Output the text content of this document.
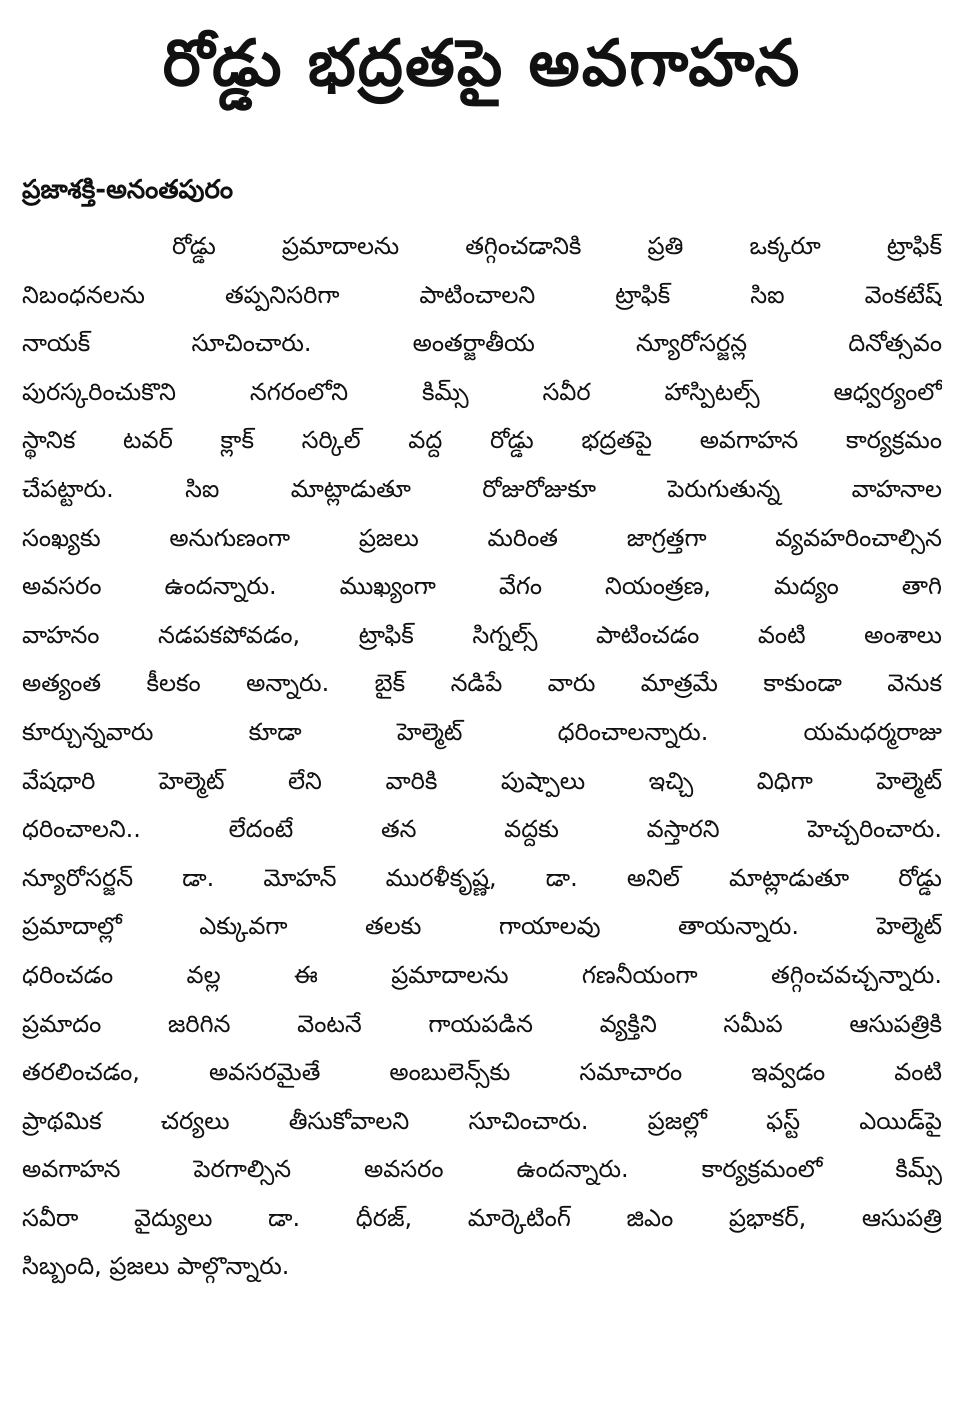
రోడ్డు భద్రతపై అవగాహన
ప్రజాశక్తి-అనంతపురం
రోడ్డు ప్రమాదాలను తగ్గించడానికి ప్రతి ఒక్కరూ ట్రాఫిక్
నిబంధనలను తప్పనిసరిగా పాటించాలని ట్రాఫిక్ సిఐ వెంకటేష్
నాయక్ సూచించారు. అంతర్జాతీయ న్యూరోసర్జన్ల దినోత్సవం
పురస్కరించుకొని నగరంలోని కిమ్స్ సవీర హాస్పిటల్స్ ఆధ్వర్యంలో
స్థానిక టవర్ క్లాక్ సర్కిల్ వద్ద రోడ్డు భద్రతపై అవగాహన కార్యక్రమం
చేపట్టారు. సిఐ మాట్లాడుతూ రోజురోజుకూ పెరుగుతున్న వాహనాల
సంఖ్యకు అనుగుణంగా ప్రజలు మరింత జాగ్రత్తగా వ్యవహరించాల్సిన
అవసరం ఉందన్నారు. ముఖ్యంగా వేగం నియంత్రణ, మద్యం తాగి
వాహనం నడపకపోవడం, ట్రాఫిక్ సిగ్నల్స్ పాటించడం వంటి అంశాలు
అత్యంత కీలకం అన్నారు. బైక్ నడిపే వారు మాత్రమే కాకుండా వెనుక
కూర్చున్నవారు కూడా హెల్మెట్ ధరించాలన్నారు. యమధర్మరాజు
వేషధారి హెల్మెట్ లేని వారికి పుష్పాలు ఇచ్చి విధిగా హెల్మెట్
ధరించాలని.. లేదంటే తన వద్దకు వస్తారని హెచ్చరించారు.
న్యూరోసర్జన్ డా. మోహన్ మురళీకృష్ణ, డా. అనిల్ మాట్లాడుతూ రోడ్డు
ప్రమాదాల్లో ఎక్కువగా తలకు గాయాలవు తాయన్నారు. హెల్మెట్
ధరించడం వల్ల ఈ ప్రమాదాలను గణనీయంగా తగ్గించవచ్చన్నారు.
ప్రమాదం జరిగిన వెంటనే గాయపడిన వ్యక్తిని సమీప ఆసుపత్రికి
తరలించడం, అవసరమైతే అంబులెన్స్‌కు సమాచారం ఇవ్వడం వంటి
ప్రాథమిక చర్యలు తీసుకోవాలని సూచించారు. ప్రజల్లో ఫస్ట్ ఎయిడ్‌పై
అవగాహన పెరగాల్సిన అవసరం ఉందన్నారు. కార్యక్రమంలో కిమ్స్
సవీరా వైద్యులు డా. ధీరజ్, మార్కెటింగ్ జిఎం ప్రభాకర్, ఆసుపత్రి
సిబ్బంది, ప్రజలు పాల్గొన్నారు.
